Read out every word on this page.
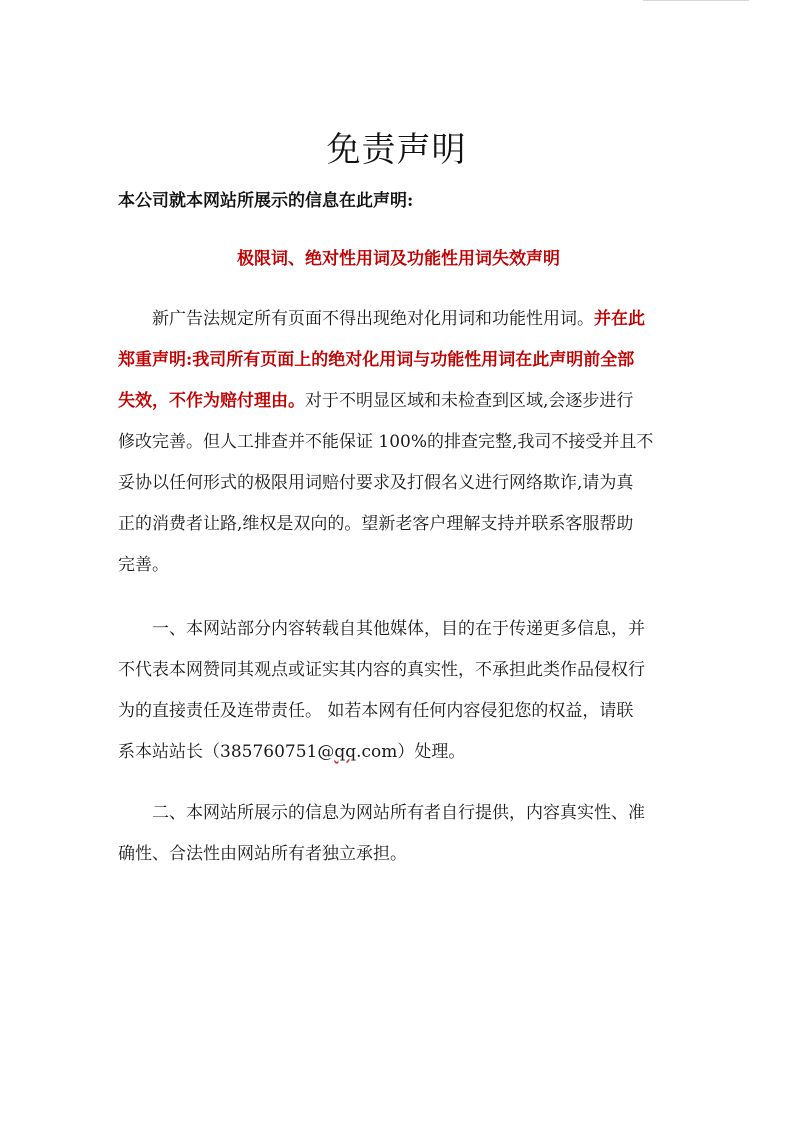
免责声明
本公司就本网站所展示的信息在此声明:
极限词、绝对性用词及功能性用词失效声明
新广告法规定所有页面不得出现绝对化用词和功能性用词。并在此
郑重声明:我司所有页面上的绝对化用词与功能性用词在此声明前全部
失效，不作为赔付理由。对于不明显区域和未检查到区域,会逐步进行
修改完善。但人工排查并不能保证 100%的排查完整,我司不接受并且不
妥协以任何形式的极限用词赔付要求及打假名义进行网络欺诈,请为真
正的消费者让路,维权是双向的。望新老客户理解支持并联系客服帮助
完善。
一、本网站部分内容转载自其他媒体，目的在于传递更多信息，并
不代表本网赞同其观点或证实其内容的真实性，不承担此类作品侵权行
为的直接责任及连带责任。 如若本网有任何内容侵犯您的权益，请联
系本站站长（385760751@qq.com）处理。
二、本网站所展示的信息为网站所有者自行提供，内容真实性、准
确性、合法性由网站所有者独立承担。
